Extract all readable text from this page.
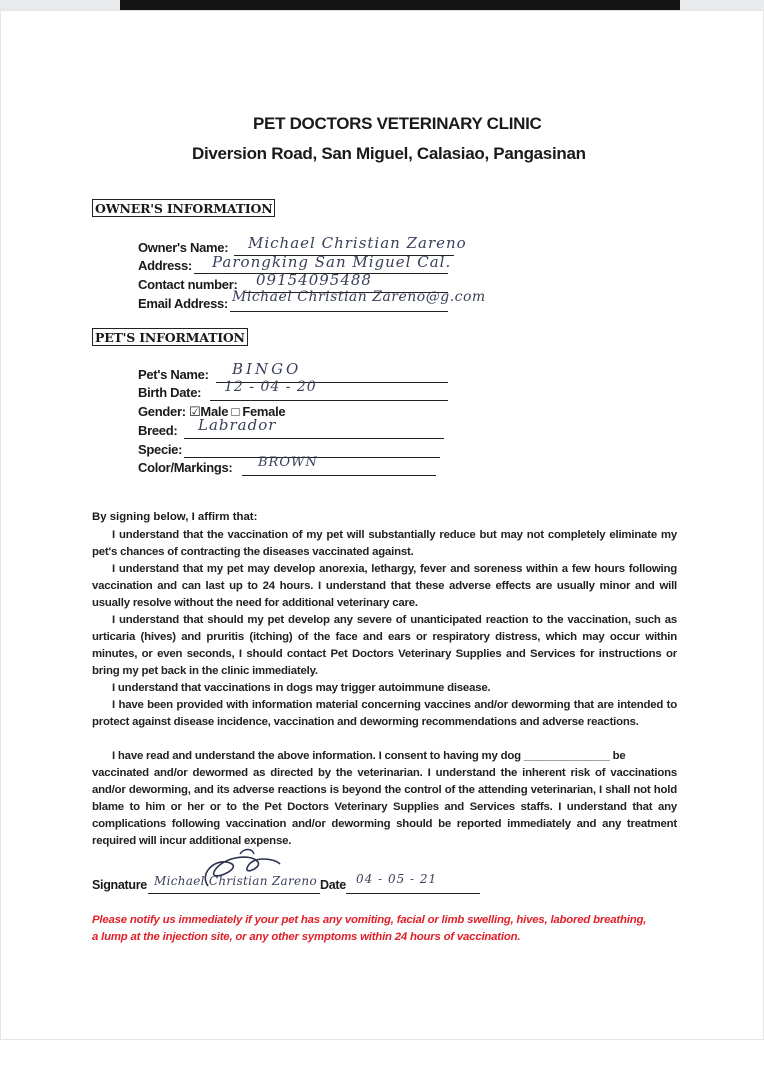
PET DOCTORS VETERINARY CLINIC
Diversion Road, San Miguel, Calasiao, Pangasinan
OWNER'S INFORMATION
Owner's Name: Michael Christian Zareno
Address: Parongking San Miguel Cal.
Contact number: 09154095488
Email Address: Michael Christian Zareno@g.com
PET'S INFORMATION
Pet's Name: BINGO
Birth Date: 12 - 04 - 20
Gender: ☑Male □ Female
Breed: Labrador
Specie:
Color/Markings: BROWN
By signing below, I affirm that:
I understand that the vaccination of my pet will substantially reduce but may not completely eliminate my pet's chances of contracting the diseases vaccinated against.
I understand that my pet may develop anorexia, lethargy, fever and soreness within a few hours following vaccination and can last up to 24 hours. I understand that these adverse effects are usually minor and will usually resolve without the need for additional veterinary care.
I understand that should my pet develop any severe of unanticipated reaction to the vaccination, such as urticaria (hives) and pruritis (itching) of the face and ears or respiratory distress, which may occur within minutes, or even seconds, I should contact Pet Doctors Veterinary Supplies and Services for instructions or bring my pet back in the clinic immediately.
I understand that vaccinations in dogs may trigger autoimmune disease.
I have been provided with information material concerning vaccines and/or deworming that are intended to protect against disease incidence, vaccination and deworming recommendations and adverse reactions.
I have read and understand the above information. I consent to having my dog ______________ be
vaccinated and/or dewormed as directed by the veterinarian. I understand the inherent risk of vaccinations and/or deworming, and its adverse reactions is beyond the control of the attending veterinarian, I shall not hold blame to him or her or to the Pet Doctors Veterinary Supplies and Services staffs. I understand that any complications following vaccination and/or deworming should be reported immediately and any treatment required will incur additional expense.
Signature Michael Christian Zareno Date 04 - 05 - 21
Please notify us immediately if your pet has any vomiting, facial or limb swelling, hives, labored breathing, a lump at the injection site, or any other symptoms within 24 hours of vaccination.
